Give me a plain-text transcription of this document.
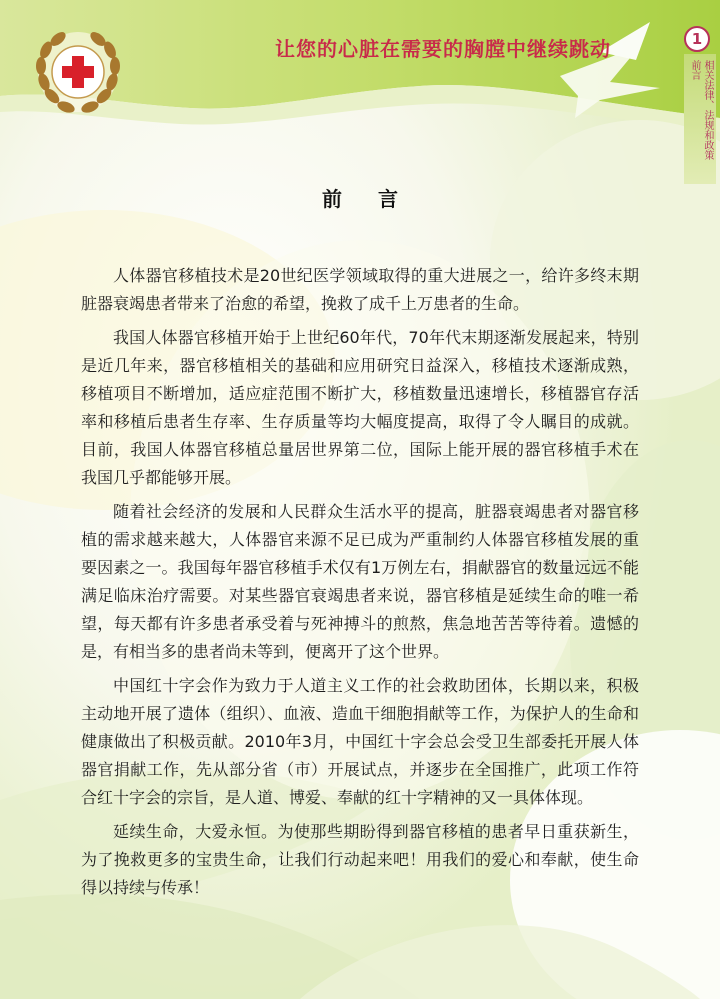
让您的心脏在需要的胸膛中继续跳动	1
相关法律、法规和政策
前言
前言

人体器官移植技术是20世纪医学领域取得的重大进展之一，给许多终末期脏器衰竭患者带来了治愈的希望，挽救了成千上万患者的生命。

我国人体器官移植开始于上世纪60年代，70年代末期逐渐发展起来，特别是近几年来，器官移植相关的基础和应用研究日益深入，移植技术逐渐成熟，移植项目不断增加，适应症范围不断扩大，移植数量迅速增长，移植器官存活率和移植后患者生存率、生存质量等均大幅度提高，取得了令人瞩目的成就。目前，我国人体器官移植总量居世界第二位，国际上能开展的器官移植手术在我国几乎都能够开展。

随着社会经济的发展和人民群众生活水平的提高，脏器衰竭患者对器官移植的需求越来越大，人体器官来源不足已成为严重制约人体器官移植发展的重要因素之一。我国每年器官移植手术仅有1万例左右，捐献器官的数量远远不能满足临床治疗需要。对某些器官衰竭患者来说，器官移植是延续生命的唯一希望，每天都有许多患者承受着与死神搏斗的煎熬，焦急地苦苦等待着。遗憾的是，有相当多的患者尚未等到，便离开了这个世界。

中国红十字会作为致力于人道主义工作的社会救助团体，长期以来，积极主动地开展了遗体（组织）、血液、造血干细胞捐献等工作，为保护人的生命和健康做出了积极贡献。2010年3月，中国红十字会总会受卫生部委托开展人体器官捐献工作，先从部分省（市）开展试点，并逐步在全国推广，此项工作符合红十字会的宗旨，是人道、博爱、奉献的红十字精神的又一具体体现。

延续生命，大爱永恒。为使那些期盼得到器官移植的患者早日重获新生，为了挽救更多的宝贵生命，让我们行动起来吧！用我们的爱心和奉献，使生命得以持续与传承！
